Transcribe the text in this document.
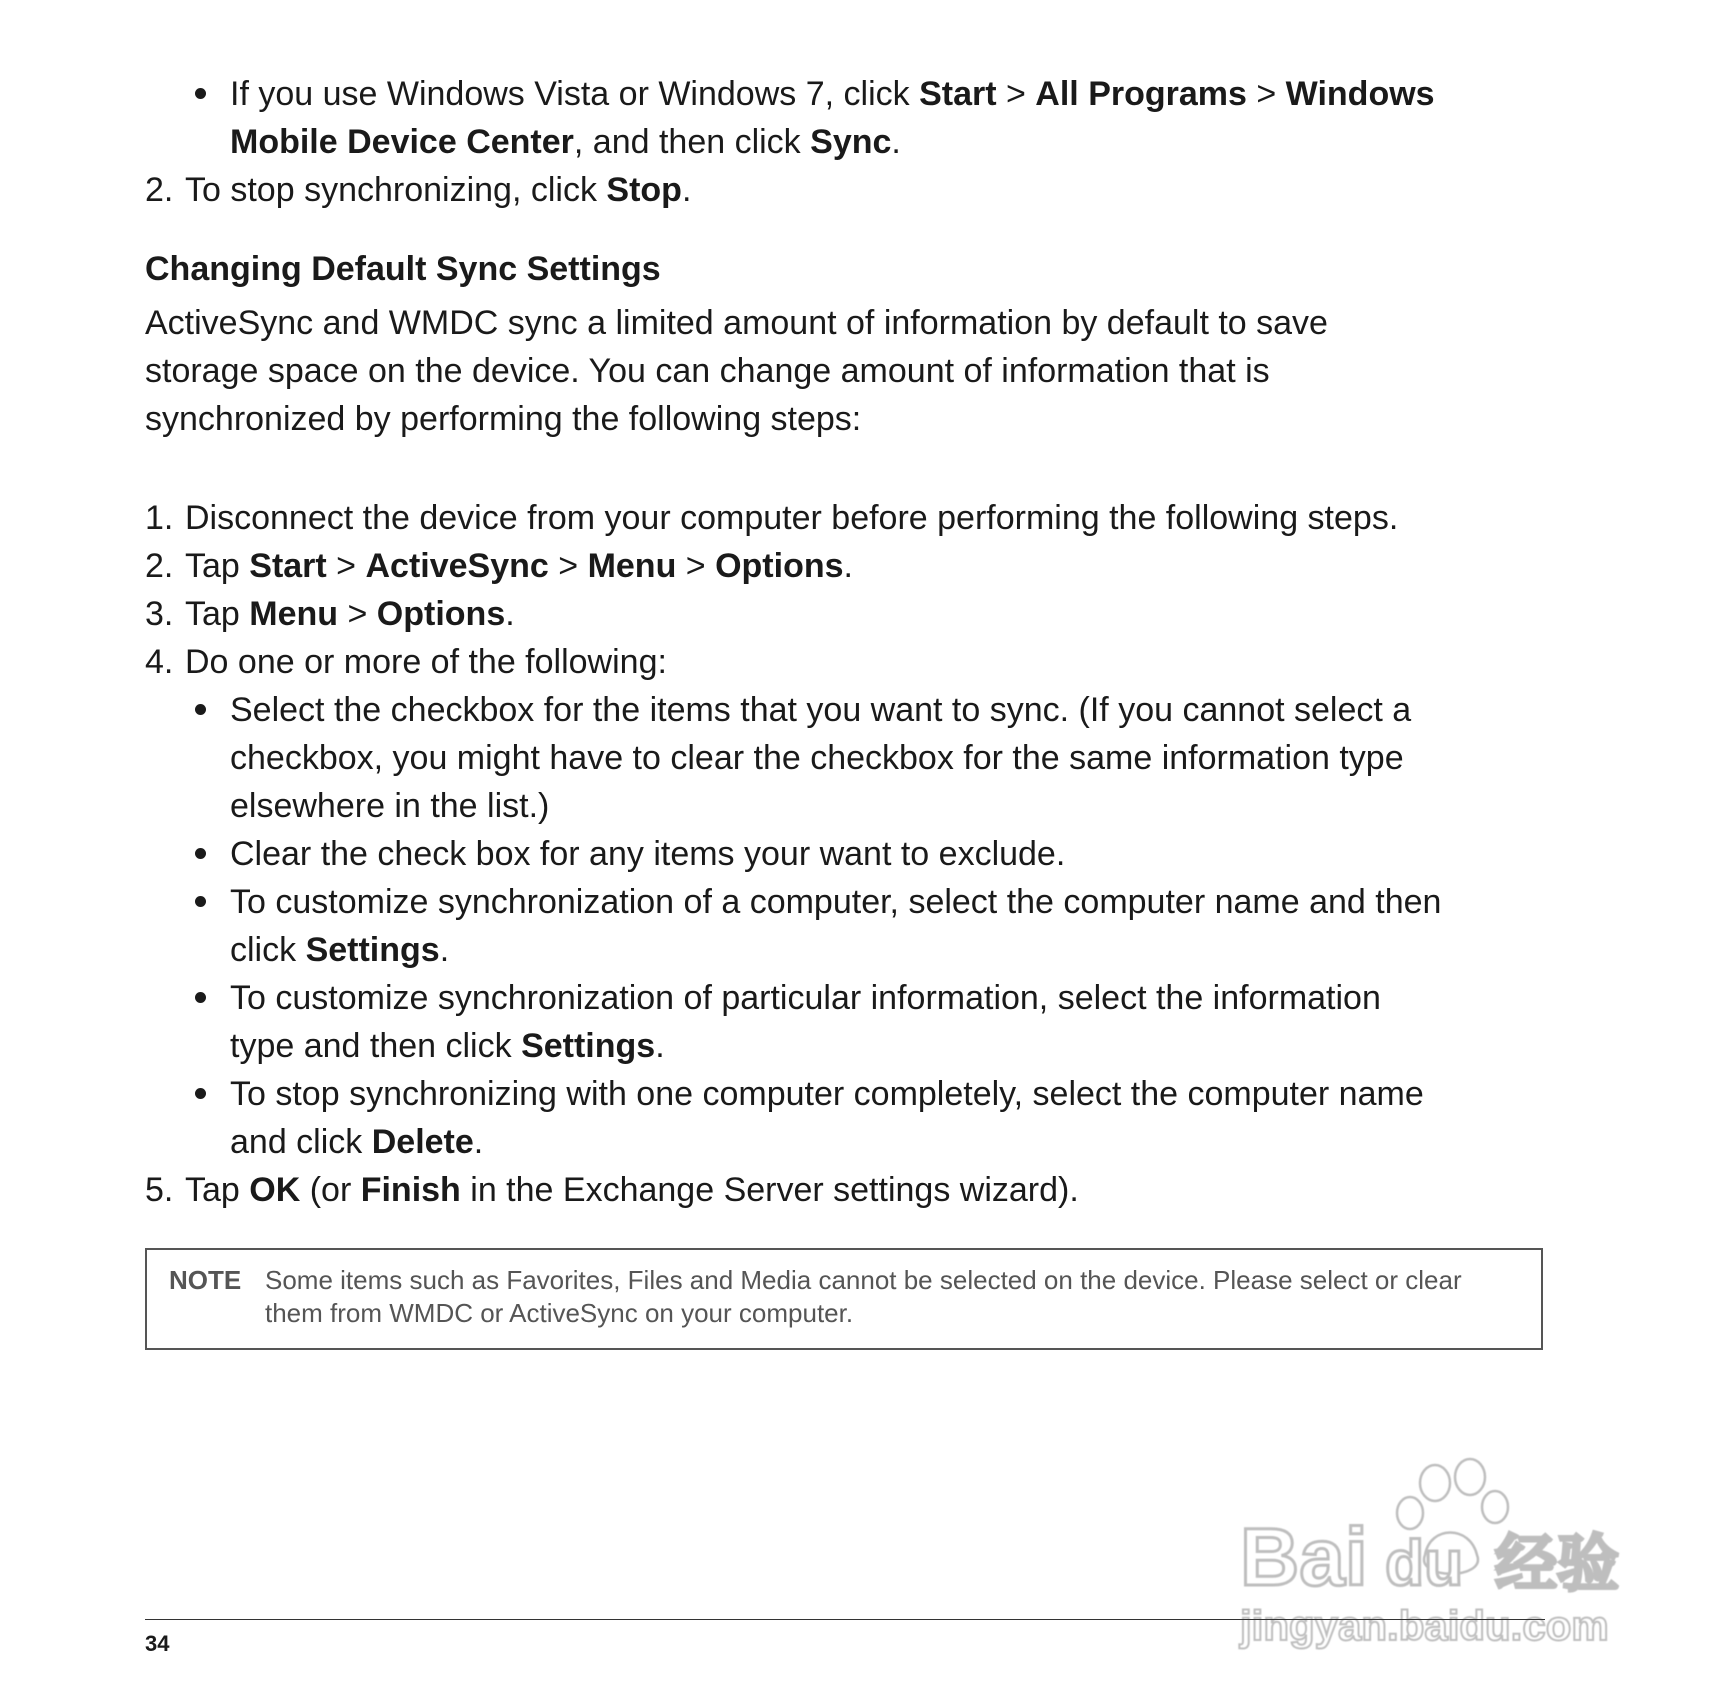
If you use Windows Vista or Windows 7, click Start > All Programs > Windows

Mobile Device Center, and then click Sync.

2. To stop synchronizing, click Stop.

Changing Default Sync Settings

ActiveSync and WMDC sync a limited amount of information by default to save

storage space on the device. You can change amount of information that is

synchronized by performing the following steps:

1. Disconnect the device from your computer before performing the following steps.

2. Tap Start > ActiveSync > Menu > Options.

3. Tap Menu > Options.

4. Do one or more of the following:

Select the checkbox for the items that you want to sync. (If you cannot select a

checkbox, you might have to clear the checkbox for the same information type

elsewhere in the list.)

Clear the check box for any items your want to exclude.

To customize synchronization of a computer, select the computer name and then

click Settings.

To customize synchronization of particular information, select the information

type and then click Settings.

To stop synchronizing with one computer completely, select the computer name

and click Delete.

5. Tap OK (or Finish in the Exchange Server settings wizard).

NOTE Some items such as Favorites, Files and Media cannot be selected on the device. Please select or clear
them from WMDC or ActiveSync on your computer.
Bai du 经验
jingyan.baidu.com
34
